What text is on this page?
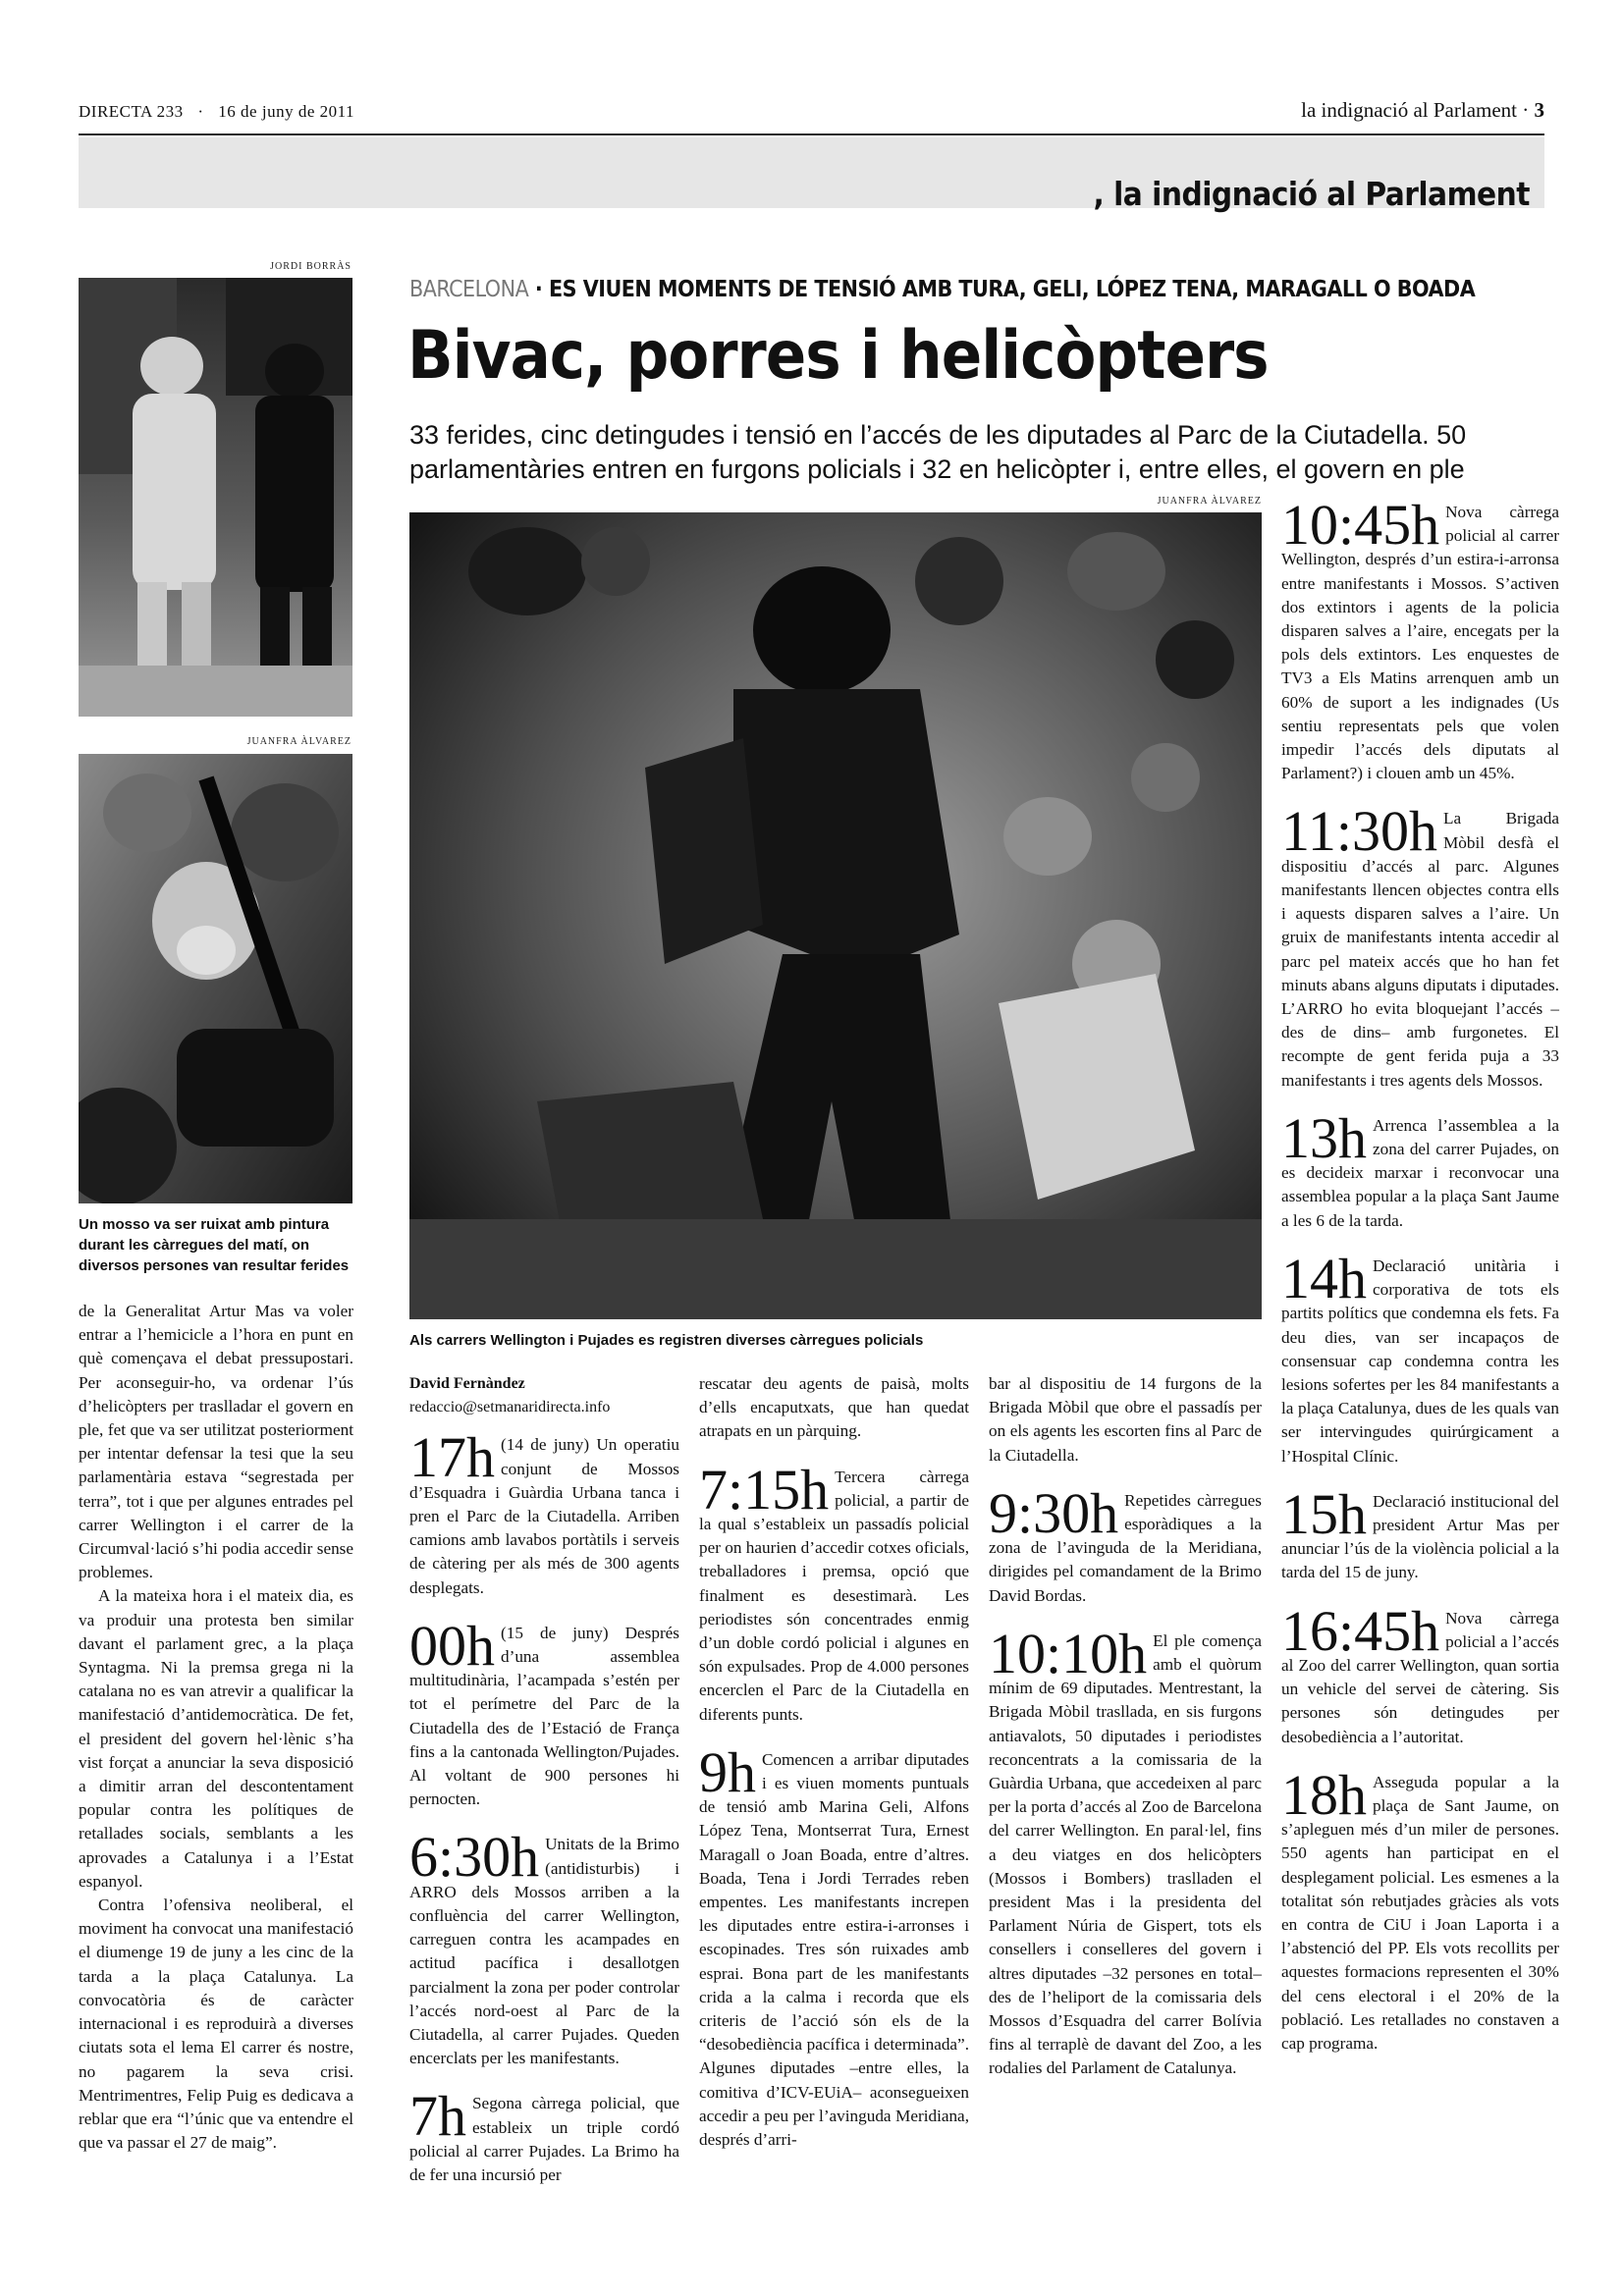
DIRECTA 233 · 16 de juny de 2011	la indignació al Parlament · 3
, la indignació al Parlament
JORDI BORRÀS
JUANFRA ÀLVAREZ
Un mosso va ser ruixat amb pintura durant les càrregues del matí, on diversos persones van resultar ferides

de la Generalitat Artur Mas va voler entrar a l’hemicicle a l’hora en punt en què començava el debat pressupostari. Per aconseguir-ho, va ordenar l’ús d’helicòpters per traslladar el govern en ple, fet que va ser utilitzat posteriorment per intentar defensar la tesi que la seu parlamentària estava “segrestada per terra”, tot i que per algunes entrades pel carrer Wellington i el carrer de la Circumval·lació s’hi podia accedir sense problemes.

A la mateixa hora i el mateix dia, es va produir una protesta ben similar davant el parlament grec, a la plaça Syntagma. Ni la premsa grega ni la catalana no es van atrevir a qualificar la manifestació d’antidemocràtica. De fet, el president del govern hel·lènic s’ha vist forçat a anunciar la seva disposició a dimitir arran del descontentament popular contra les polítiques de retallades socials, semblants a les aprovades a Catalunya i a l’Estat espanyol.

Contra l’ofensiva neoliberal, el moviment ha convocat una manifestació el diumenge 19 de juny a les cinc de la tarda a la plaça Catalunya. La convocatòria és de caràcter internacional i es reproduirà a diverses ciutats sota el lema El carrer és nostre, no pagarem la seva crisi. Mentrimentres, Felip Puig es dedicava a reblar que era “l’únic que va entendre el que va passar el 27 de maig”.

BARCELONA · ES VIUEN MOMENTS DE TENSIÓ AMB TURA, GELI, LÓPEZ TENA, MARAGALL O BOADA
Bivac, porres i helicòpters
33 ferides, cinc detingudes i tensió en l’accés de les diputades al Parc de la Ciutadella. 50 parlamentàries entren en furgons policials i 32 en helicòpter i, entre elles, el govern en ple
JUANFRA ÀLVAREZ
Als carrers Wellington i Pujades es registren diverses càrregues policials
David Fernàndez
redaccio@setmanaridirecta.info
17h (14 de juny) Un operatiu conjunt de Mossos d’Esquadra i Guàrdia Urbana tanca i pren el Parc de la Ciutadella. Arriben camions amb lavabos portàtils i serveis de càtering per als més de 300 agents desplegats.
00h (15 de juny) Després d’una assemblea multitudinària, l’acampada s’estén per tot el perímetre del Parc de la Ciutadella des de l’Estació de França fins a la cantonada Wellington/Pujades. Al voltant de 900 persones hi pernocten.
6:30h Unitats de la Brimo (antidisturbis) i ARRO dels Mossos arriben a la confluència del carrer Wellington, carreguen contra les acampades en actitud pacífica i desallotgen parcialment la zona per poder controlar l’accés nord-oest al Parc de la Ciutadella, al carrer Pujades. Queden encerclats per les manifestants.
7h Segona càrrega policial, que estableix un triple cordó policial al carrer Pujades. La Brimo ha de fer una incursió per

rescatar deu agents de paisà, molts d’ells encaputxats, que han quedat atrapats en un pàrquing.

7:15h Tercera càrrega policial, a partir de la qual s’estableix un passadís policial per on haurien d’accedir cotxes oficials, treballadores i premsa, opció que finalment es desestimarà. Les periodistes són concentrades enmig d’un doble cordó policial i algunes en són expulsades. Prop de 4.000 persones encerclen el Parc de la Ciutadella en diferents punts.
9h Comencen a arribar diputades i es viuen moments puntuals de tensió amb Marina Geli, Alfons López Tena, Montserrat Tura, Ernest Maragall o Joan Boada, entre d’altres. Boada, Tena i Jordi Terrades reben empentes. Les manifestants increpen les diputades entre estira-i-arronses i escopinades. Tres són ruixades amb esprai. Bona part de les manifestants crida a la calma i recorda que els criteris de l’acció són els de la “desobediència pacífica i determinada”. Algunes diputades –entre elles, la comitiva d’ICV-EUiA– aconsegueixen accedir a peu per l’avinguda Meridiana, després d’arri-

bar al dispositiu de 14 furgons de la Brigada Mòbil que obre el passadís per on els agents les escorten fins al Parc de la Ciutadella.

9:30h Repetides càrregues esporàdiques a la zona de l’avinguda de la Meridiana, dirigides pel comandament de la Brimo David Bordas.
10:10h El ple comença amb el quòrum mínim de 69 diputades. Mentrestant, la Brigada Mòbil trasllada, en sis furgons antiavalots, 50 diputades i periodistes reconcentrats a la comissaria de la Guàrdia Urbana, que accedeixen al parc per la porta d’accés al Zoo de Barcelona del carrer Wellington. En paral·lel, fins a deu viatges en dos helicòpters (Mossos i Bombers) traslladen el president Mas i la presidenta del Parlament Núria de Gispert, tots els consellers i conselleres del govern i altres diputades –32 persones en total– des de l’heliport de la comissaria dels Mossos d’Esquadra del carrer Bolívia fins al terraplè de davant del Zoo, a les rodalies del Parlament de Catalunya.
10:45h Nova càrrega policial al carrer Wellington, després d’un estira-i-arronsa entre manifestants i Mossos. S’activen dos extintors i agents de la policia disparen salves a l’aire, encegats per la pols dels extintors. Les enquestes de TV3 a Els Matins arrenquen amb un 60% de suport a les indignades (Us sentiu representats pels que volen impedir l’accés dels diputats al Parlament?) i clouen amb un 45%.
11:30h La Brigada Mòbil desfà el dispositiu d’accés al parc. Algunes manifestants llencen objectes contra ells i aquests disparen salves a l’aire. Un gruix de manifestants intenta accedir al parc pel mateix accés que ho han fet minuts abans alguns diputats i diputades. L’ARRO ho evita bloquejant l’accés –des de dins– amb furgonetes. El recompte de gent ferida puja a 33 manifestants i tres agents dels Mossos.
13h Arrenca l’assemblea a la zona del carrer Pujades, on es decideix marxar i reconvocar una assemblea popular a la plaça Sant Jaume a les 6 de la tarda.
14h Declaració unitària i corporativa de tots els partits polítics que condemna els fets. Fa deu dies, van ser incapaços de consensuar cap condemna contra les lesions sofertes per les 84 manifestants a la plaça Catalunya, dues de les quals van ser intervingudes quirúrgicament a l’Hospital Clínic.
15h Declaració institucional del president Artur Mas per anunciar l’ús de la violència policial a la tarda del 15 de juny.
16:45h Nova càrrega policial a l’accés al Zoo del carrer Wellington, quan sortia un vehicle del servei de càtering. Sis persones són detingudes per desobediència a l’autoritat.
18h Asseguda popular a la plaça de Sant Jaume, on s’apleguen més d’un miler de persones. 550 agents han participat en el desplegament policial. Les esmenes a la totalitat són rebutjades gràcies als vots en contra de CiU i Joan Laporta i a l’abstenció del PP. Els vots recollits per aquestes formacions representen el 30% del cens electoral i el 20% de la població. Les retallades no constaven a cap programa.
